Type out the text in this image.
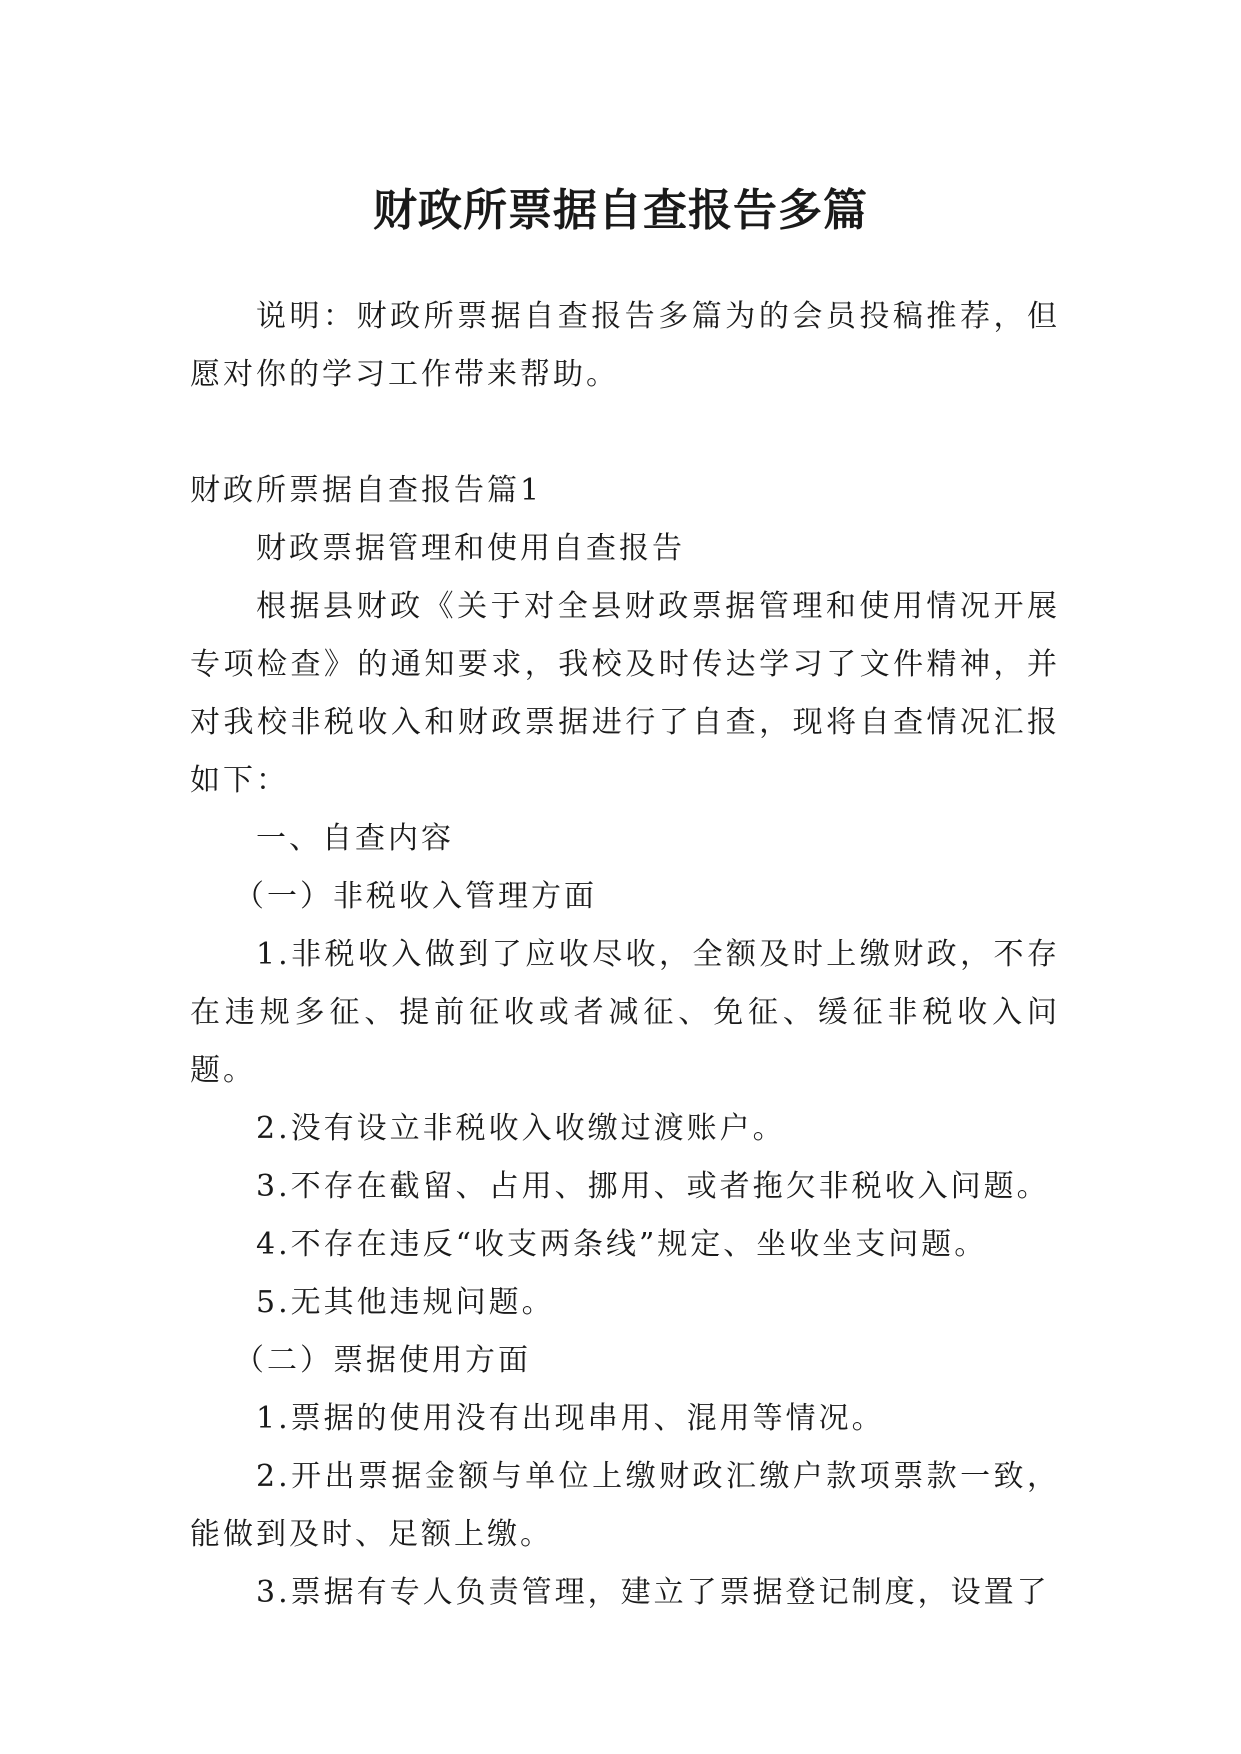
财政所票据自查报告多篇

说明：财政所票据自查报告多篇为的会员投稿推荐，但愿对你的学习工作带来帮助。

财政所票据自查报告篇1

财政票据管理和使用自查报告

根据县财政《关于对全县财政票据管理和使用情况开展专项检查》的通知要求，我校及时传达学习了文件精神，并对我校非税收入和财政票据进行了自查，现将自查情况汇报如下：

一、自查内容

（一）非税收入管理方面

1.非税收入做到了应收尽收，全额及时上缴财政，不存在违规多征、提前征收或者减征、免征、缓征非税收入问题。

2.没有设立非税收入收缴过渡账户。

3.不存在截留、占用、挪用、或者拖欠非税收入问题。

4.不存在违反“收支两条线”规定、坐收坐支问题。

5.无其他违规问题。

（二）票据使用方面

1.票据的使用没有出现串用、混用等情况。

2.开出票据金额与单位上缴财政汇缴户款项票款一致，能做到及时、足额上缴。

3.票据有专人负责管理，建立了票据登记制度，设置了
